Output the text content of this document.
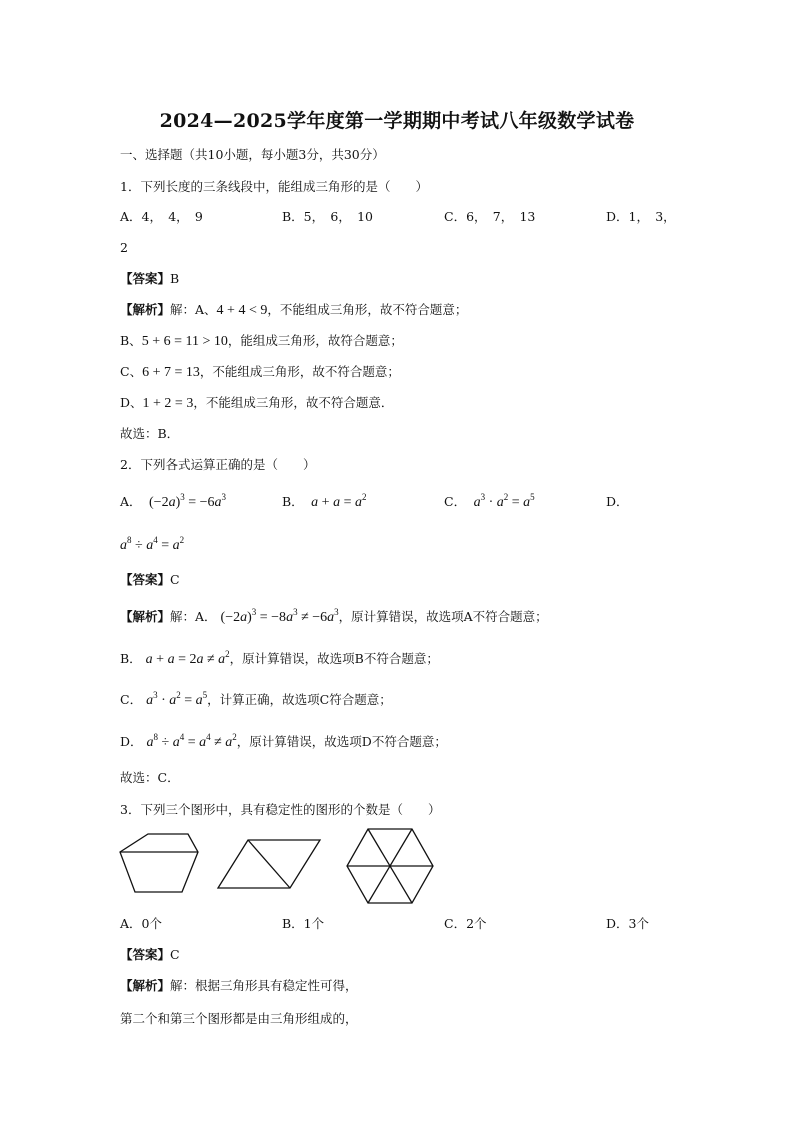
2024—2025学年度第一学期期中考试八年级数学试卷
一、选择题（共10小题，每小题3分，共30分）
1．下列长度的三条线段中，能组成三角形的是（　　）
A．4，　4，　9	B．5，　6，　10	C．6，　7，　13	D．1，　3，
2
【答案】B
【解析】解：A、4 + 4 < 9，不能组成三角形，故不符合题意；
B、5 + 6 = 11 > 10，能组成三角形，故符合题意；
C、6 + 7 = 13，不能组成三角形，故不符合题意；
D、1 + 2 = 3，不能组成三角形，故不符合题意．
故选：B．
2．下列各式运算正确的是（　　）
A．  $(-2a)^3 = -6a^3$	B． $a + a = a^2$	C． $a^3 \cdot a^2 = a^5$	D．
$a^8 \div a^4 = a^2$
【答案】C
【解析】解：A． $(-2a)^3 = -8a^3 \ne -6a^3$，原计算错误，故选项A不符合题意；
B． $a + a = 2a \ne a^2$，原计算错误，故选项B不符合题意；
C． $a^3 \cdot a^2 = a^5$，计算正确，故选项C符合题意；
D． $a^8 \div a^4 = a^4 \ne a^2$，原计算错误，故选项D不符合题意；
故选：C．
3．下列三个图形中，具有稳定性的图形的个数是（　　）
A．0个	B．1个	C．2个	D．3个
【答案】C
【解析】解：根据三角形具有稳定性可得，
第二个和第三个图形都是由三角形组成的，
